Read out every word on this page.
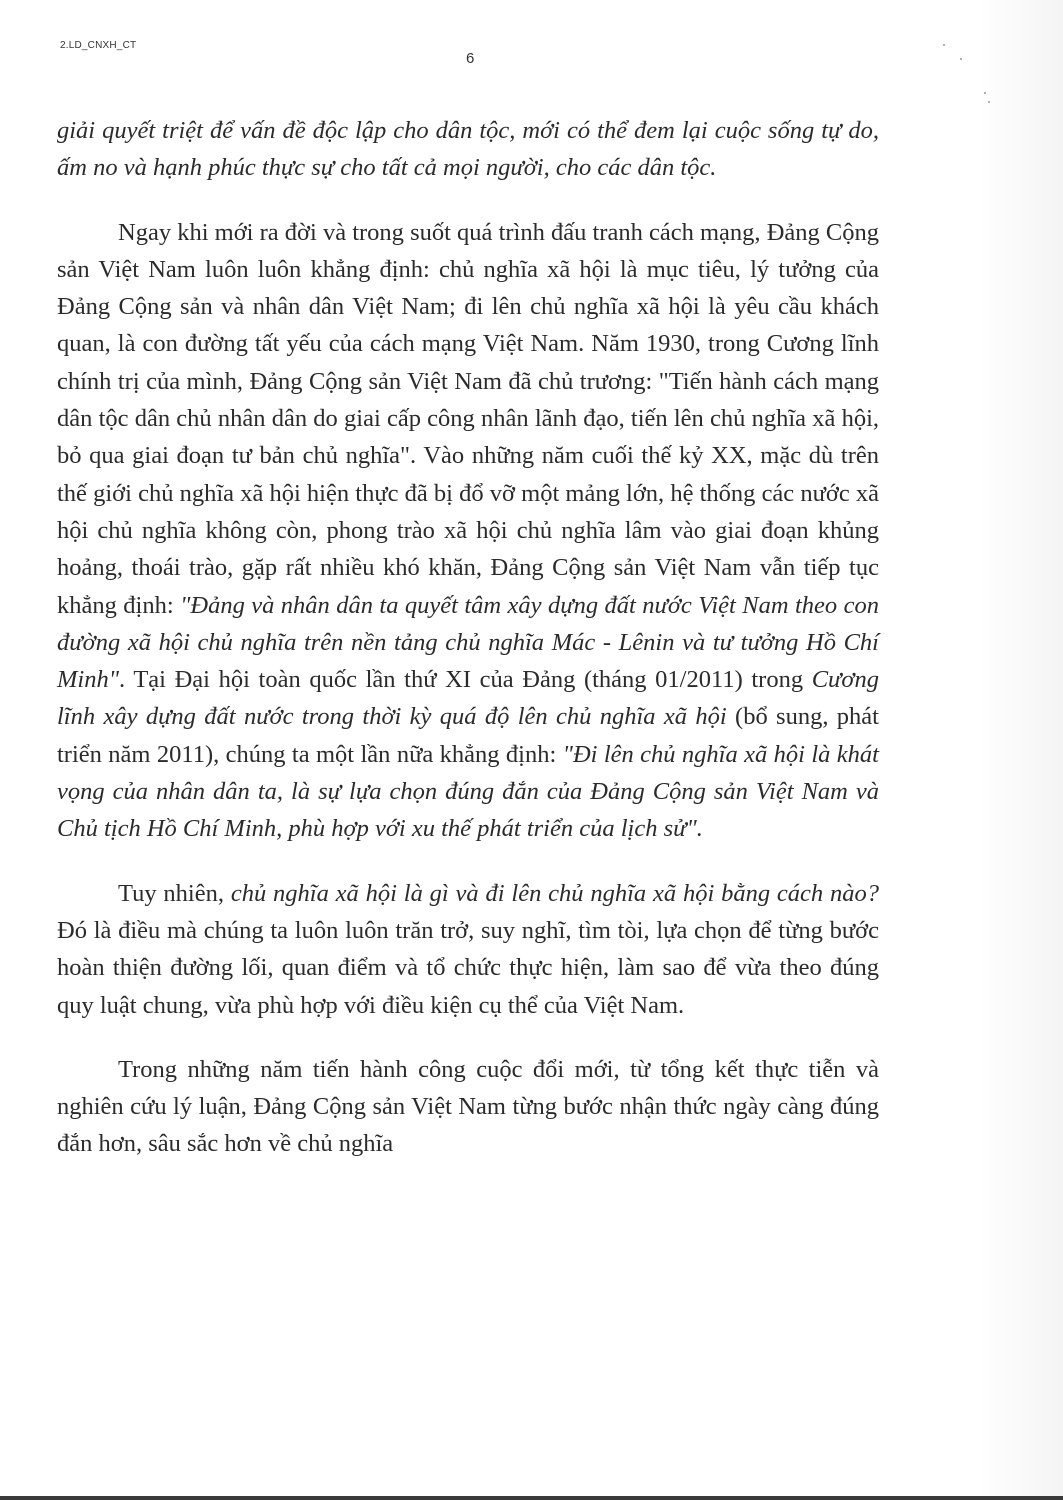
2.LD_CNXH_CT
6

giải quyết triệt để vấn đề độc lập cho dân tộc, mới có thể đem lại cuộc sống tự do, ấm no và hạnh phúc thực sự cho tất cả mọi người, cho các dân tộc.

Ngay khi mới ra đời và trong suốt quá trình đấu tranh cách mạng, Đảng Cộng sản Việt Nam luôn luôn khẳng định: chủ nghĩa xã hội là mục tiêu, lý tưởng của Đảng Cộng sản và nhân dân Việt Nam; đi lên chủ nghĩa xã hội là yêu cầu khách quan, là con đường tất yếu của cách mạng Việt Nam. Năm 1930, trong Cương lĩnh chính trị của mình, Đảng Cộng sản Việt Nam đã chủ trương: "Tiến hành cách mạng dân tộc dân chủ nhân dân do giai cấp công nhân lãnh đạo, tiến lên chủ nghĩa xã hội, bỏ qua giai đoạn tư bản chủ nghĩa". Vào những năm cuối thế kỷ XX, mặc dù trên thế giới chủ nghĩa xã hội hiện thực đã bị đổ vỡ một mảng lớn, hệ thống các nước xã hội chủ nghĩa không còn, phong trào xã hội chủ nghĩa lâm vào giai đoạn khủng hoảng, thoái trào, gặp rất nhiều khó khăn, Đảng Cộng sản Việt Nam vẫn tiếp tục khẳng định: "Đảng và nhân dân ta quyết tâm xây dựng đất nước Việt Nam theo con đường xã hội chủ nghĩa trên nền tảng chủ nghĩa Mác - Lênin và tư tưởng Hồ Chí Minh". Tại Đại hội toàn quốc lần thứ XI của Đảng (tháng 01/2011) trong Cương lĩnh xây dựng đất nước trong thời kỳ quá độ lên chủ nghĩa xã hội (bổ sung, phát triển năm 2011), chúng ta một lần nữa khẳng định: "Đi lên chủ nghĩa xã hội là khát vọng của nhân dân ta, là sự lựa chọn đúng đắn của Đảng Cộng sản Việt Nam và Chủ tịch Hồ Chí Minh, phù hợp với xu thế phát triển của lịch sử".

Tuy nhiên, chủ nghĩa xã hội là gì và đi lên chủ nghĩa xã hội bằng cách nào? Đó là điều mà chúng ta luôn luôn trăn trở, suy nghĩ, tìm tòi, lựa chọn để từng bước hoàn thiện đường lối, quan điểm và tổ chức thực hiện, làm sao để vừa theo đúng quy luật chung, vừa phù hợp với điều kiện cụ thể của Việt Nam.

Trong những năm tiến hành công cuộc đổi mới, từ tổng kết thực tiễn và nghiên cứu lý luận, Đảng Cộng sản Việt Nam từng bước nhận thức ngày càng đúng đắn hơn, sâu sắc hơn về chủ nghĩa
